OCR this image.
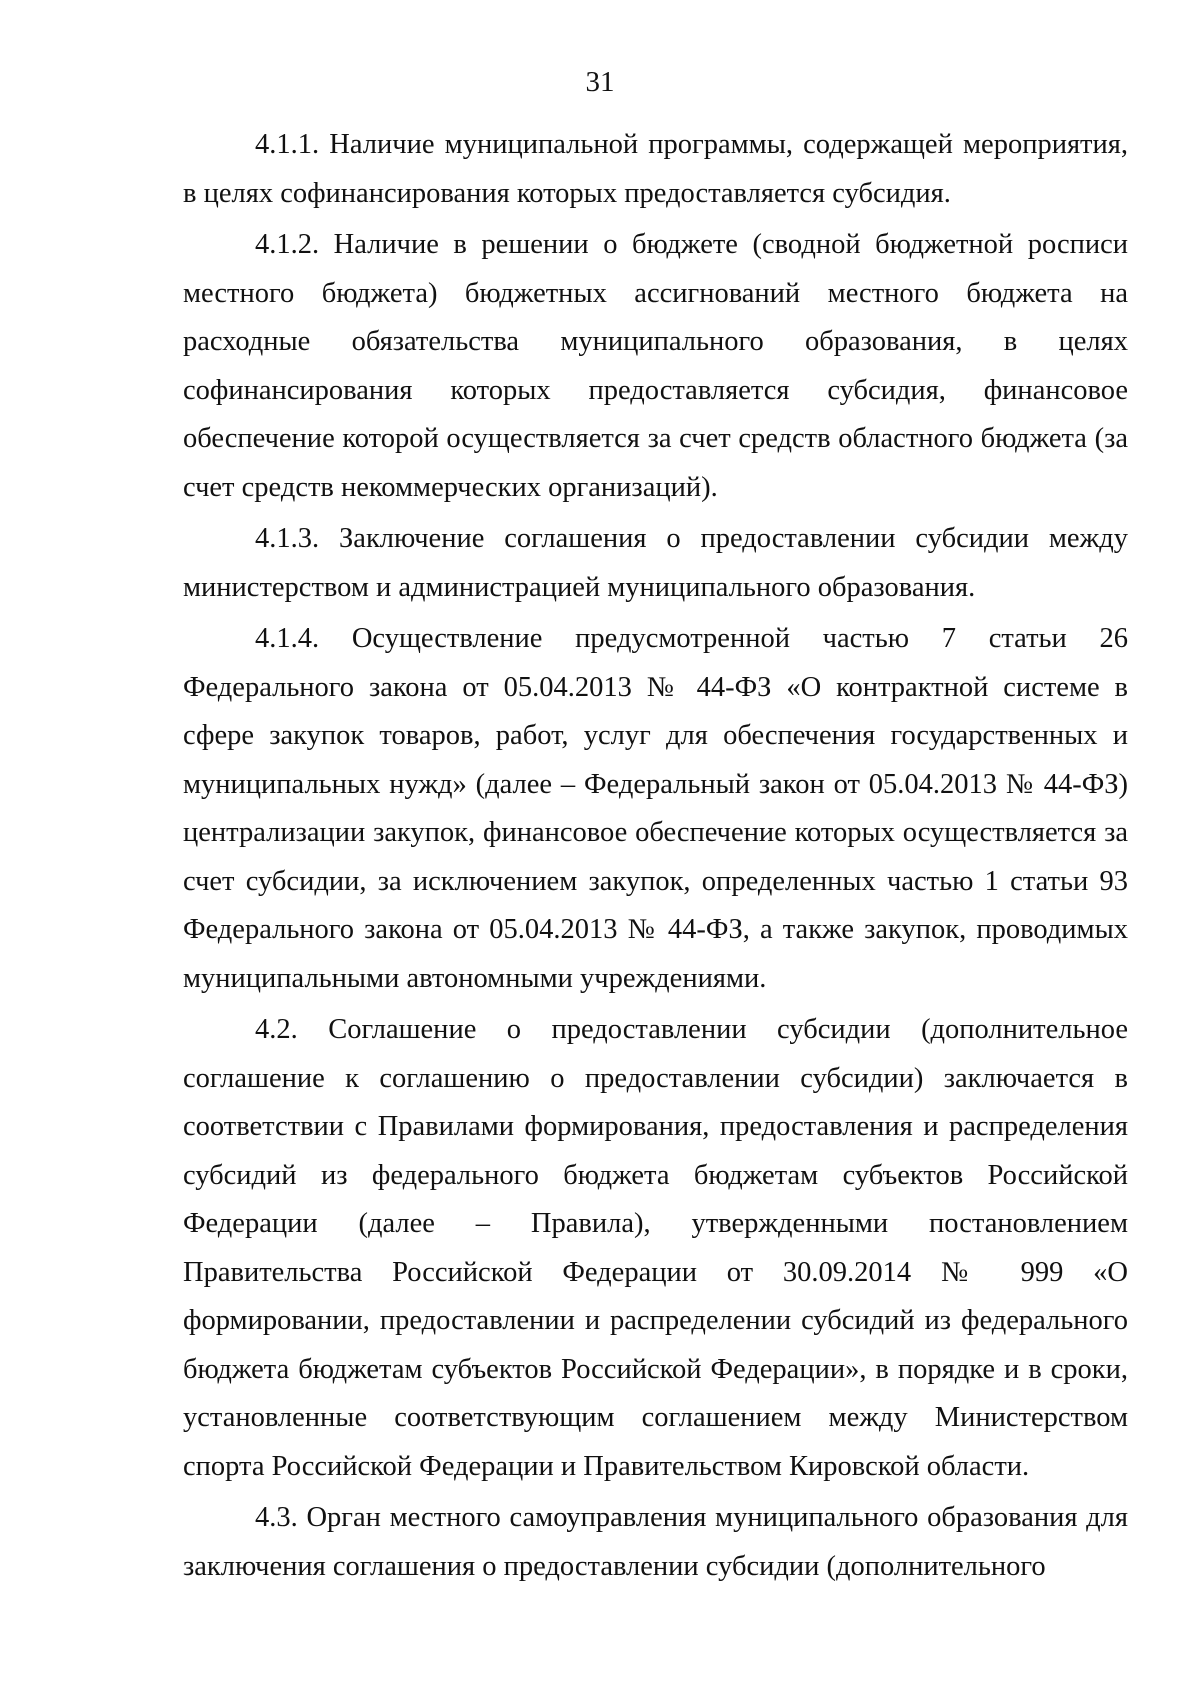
31

4.1.1. Наличие муниципальной программы, содержащей мероприятия, в целях софинансирования которых предоставляется субсидия.

4.1.2. Наличие в решении о бюджете (сводной бюджетной росписи местного бюджета) бюджетных ассигнований местного бюджета на расходные обязательства муниципального образования, в целях софинансирования которых предоставляется субсидия, финансовое обеспечение которой осуществляется за счет средств областного бюджета (за счет средств некоммерческих организаций).

4.1.3. Заключение соглашения о предоставлении субсидии между министерством и администрацией муниципального образования.

4.1.4. Осуществление предусмотренной частью 7 статьи 26 Федерального закона от 05.04.2013 № 44-ФЗ «О контрактной системе в сфере закупок товаров, работ, услуг для обеспечения государственных и муниципальных нужд» (далее – Федеральный закон от 05.04.2013 № 44-ФЗ) централизации закупок, финансовое обеспечение которых осуществляется за счет субсидии, за исключением закупок, определенных частью 1 статьи 93 Федерального закона от 05.04.2013 № 44-ФЗ, а также закупок, проводимых муниципальными автономными учреждениями.

4.2. Соглашение о предоставлении субсидии (дополнительное соглашение к соглашению о предоставлении субсидии) заключается в соответствии с Правилами формирования, предоставления и распределения субсидий из федерального бюджета бюджетам субъектов Российской Федерации (далее – Правила), утвержденными постановлением Правительства Российской Федерации от 30.09.2014 № 999 «О формировании, предоставлении и распределении субсидий из федерального бюджета бюджетам субъектов Российской Федерации», в порядке и в сроки, установленные соответствующим соглашением между Министерством спорта Российской Федерации и Правительством Кировской области.

4.3. Орган местного самоуправления муниципального образования для заключения соглашения о предоставлении субсидии (дополнительного
